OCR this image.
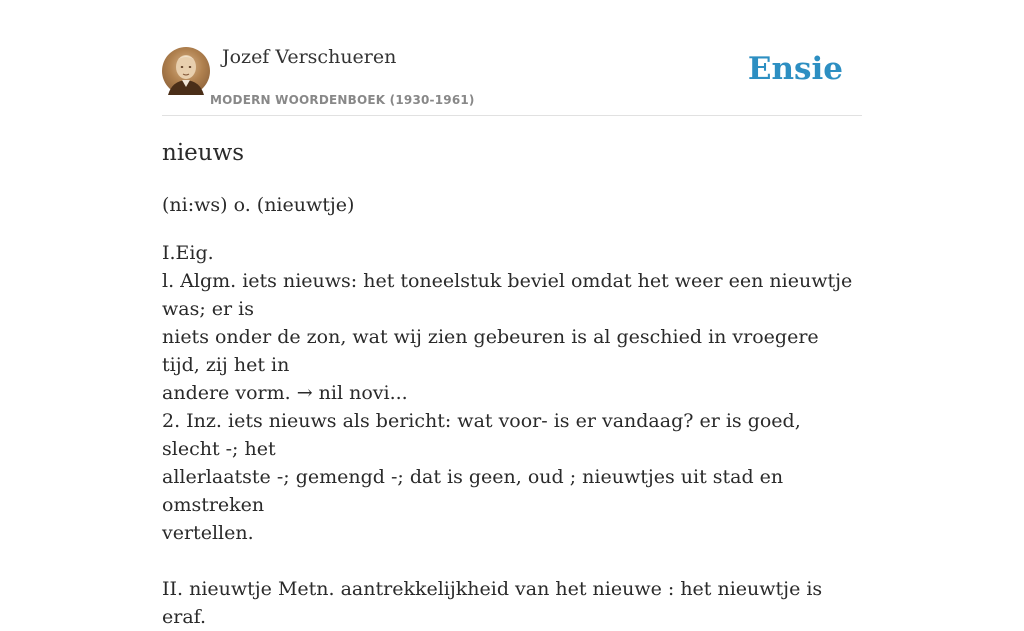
Jozef Verschueren
MODERN WOORDENBOEK (1930-1961)
Ensie
nieuws
(ni:ws) o. (nieuwtje)
I.Eig.
l. Algm. iets nieuws: het toneelstuk beviel omdat het weer een nieuwtje was; er is
niets onder de zon, wat wij zien gebeuren is al geschied in vroegere tijd, zij het in
andere vorm. → nil novi...
2. Inz. iets nieuws als bericht: wat voor- is er vandaag? er is goed, slecht -; het
allerlaatste -; gemengd -; dat is geen, oud ; nieuwtjes uit stad en omstreken
vertellen.
II. nieuwtje Metn. aantrekkelijkheid van het nieuwe : het nieuwtje is eraf.
